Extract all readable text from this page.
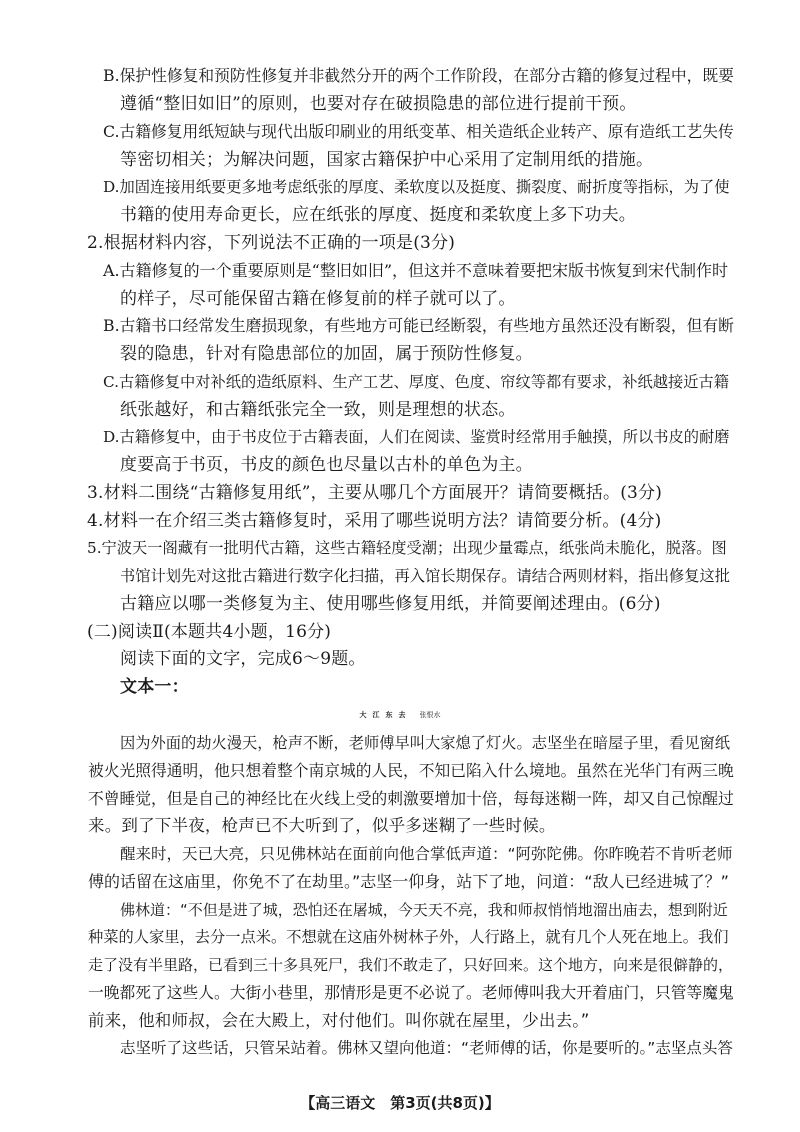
B.保护性修复和预防性修复并非截然分开的两个工作阶段，在部分古籍的修复过程中，既要
遵循“整旧如旧”的原则，也要对存在破损隐患的部位进行提前干预。
C.古籍修复用纸短缺与现代出版印刷业的用纸变革、相关造纸企业转产、原有造纸工艺失传
等密切相关；为解决问题，国家古籍保护中心采用了定制用纸的措施。
D.加固连接用纸要更多地考虑纸张的厚度、柔软度以及挺度、撕裂度、耐折度等指标，为了使
书籍的使用寿命更长，应在纸张的厚度、挺度和柔软度上多下功夫。
2.根据材料内容，下列说法不正确的一项是(3分)
A.古籍修复的一个重要原则是“整旧如旧”，但这并不意味着要把宋版书恢复到宋代制作时
的样子，尽可能保留古籍在修复前的样子就可以了。
B.古籍书口经常发生磨损现象，有些地方可能已经断裂，有些地方虽然还没有断裂，但有断
裂的隐患，针对有隐患部位的加固，属于预防性修复。
C.古籍修复中对补纸的造纸原料、生产工艺、厚度、色度、帘纹等都有要求，补纸越接近古籍
纸张越好，和古籍纸张完全一致，则是理想的状态。
D.古籍修复中，由于书皮位于古籍表面，人们在阅读、鉴赏时经常用手触摸，所以书皮的耐磨
度要高于书页，书皮的颜色也尽量以古朴的单色为主。
3.材料二围绕“古籍修复用纸”，主要从哪几个方面展开？请简要概括。(3分)
4.材料一在介绍三类古籍修复时，采用了哪些说明方法？请简要分析。(4分)
5.宁波天一阁藏有一批明代古籍，这些古籍轻度受潮；出现少量霉点，纸张尚未脆化，脱落。图
书馆计划先对这批古籍进行数字化扫描，再入馆长期保存。请结合两则材料，指出修复这批
古籍应以哪一类修复为主、使用哪些修复用纸，并简要阐述理由。(6分)
(二)阅读Ⅱ(本题共4小题，16分)
阅读下面的文字，完成6～9题。
文本一：
大江东去 张恨水
因为外面的劫火漫天，枪声不断，老师傅早叫大家熄了灯火。志坚坐在暗屋子里，看见窗纸
被火光照得通明，他只想着整个南京城的人民，不知已陷入什么境地。虽然在光华门有两三晚
不曾睡觉，但是自己的神经比在火线上受的刺激要增加十倍，每每迷糊一阵，却又自己惊醒过
来。到了下半夜，枪声已不大听到了，似乎多迷糊了一些时候。
醒来时，天已大亮，只见佛林站在面前向他合掌低声道：“阿弥陀佛。你昨晚若不肯听老师
傅的话留在这庙里，你免不了在劫里。”志坚一仰身，站下了地，问道：“敌人已经进城了？”
佛林道：“不但是进了城，恐怕还在屠城，今天天不亮，我和师叔悄悄地溜出庙去，想到附近
种菜的人家里，去分一点米。不想就在这庙外树林子外，人行路上，就有几个人死在地上。我们
走了没有半里路，已看到三十多具死尸，我们不敢走了，只好回来。这个地方，向来是很僻静的，
一晚都死了这些人。大街小巷里，那情形是更不必说了。老师傅叫我大开着庙门，只管等魔鬼
前来，他和师叔，会在大殿上，对付他们。叫你就在屋里，少出去。”
志坚听了这些话，只管呆站着。佛林又望向他道：“老师傅的话，你是要听的。”志坚点头答
【高三语文　第3页(共8页)】
